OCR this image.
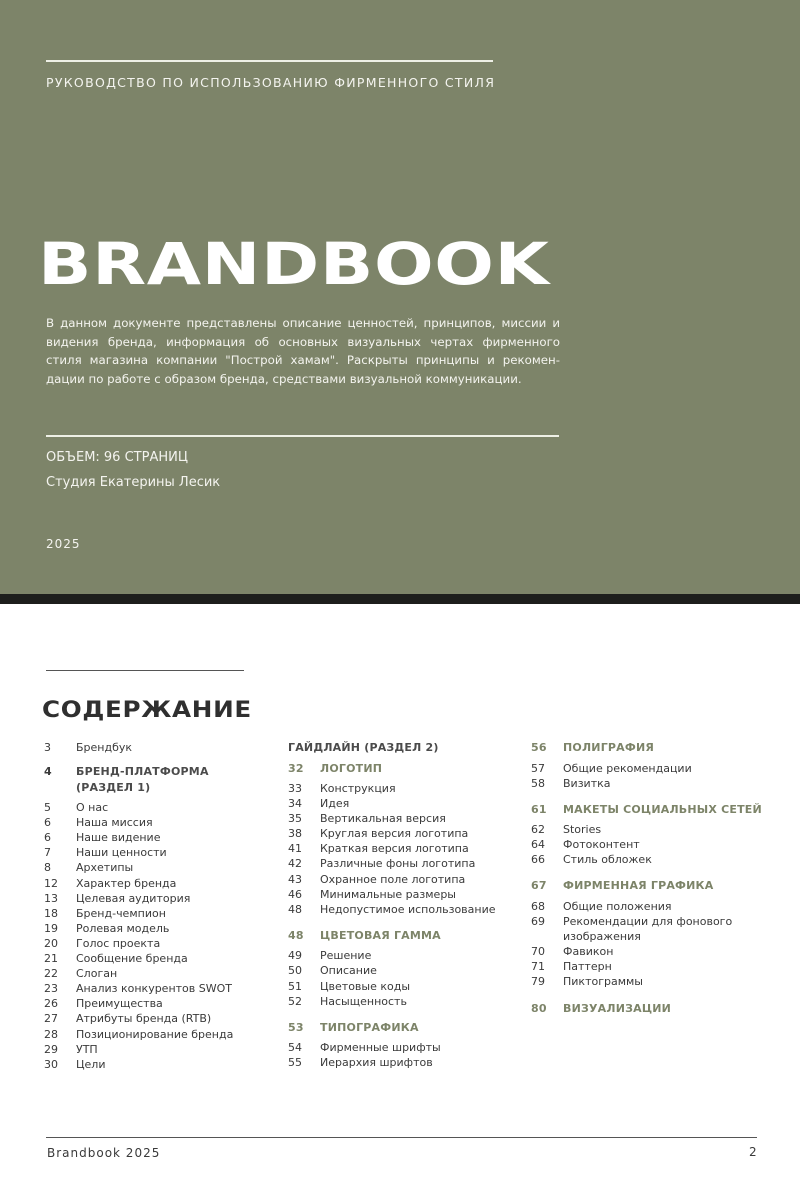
РУКОВОДСТВО ПО ИСПОЛЬЗОВАНИЮ ФИРМЕННОГО СТИЛЯ
BRANDBOOK
В данном документе представлены описание ценностей, принципов, миссии и видения бренда, информация об основных визуальных чертах фирменного стиля магазина компании "Построй хамам". Раскрыты принципы и рекомендации по работе с образом бренда, средствами визуальной коммуникации.
ОБЪЕМ: 96 СТРАНИЦ
Студия Екатерины Лесик
2025
СОДЕРЖАНИЕ
3	Брендбук
4	БРЕНД-ПЛАТФОРМА (РАЗДЕЛ 1)
5	О нас
6	Наша миссия
6	Наше видение
7	Наши ценности
8	Архетипы
12	Характер бренда
13	Целевая аудитория
18	Бренд-чемпион
19	Ролевая модель
20	Голос проекта
21	Сообщение бренда
22	Слоган
23	Анализ конкурентов SWOT
26	Преимущества
27	Атрибуты бренда (RTB)
28	Позиционирование бренда
29	УТП
30	Цели
ГАЙДЛАЙН (РАЗДЕЛ 2)
32	ЛОГОТИП
33	Конструкция
34	Идея
35	Вертикальная версия
38	Круглая версия логотипа
41	Краткая версия логотипа
42	Различные фоны логотипа
43	Охранное поле логотипа
46	Минимальные размеры
48	Недопустимое использование
48	ЦВЕТОВАЯ ГАММА
49	Решение
50	Описание
51	Цветовые коды
52	Насыщенность
53	ТИПОГРАФИКА
54	Фирменные шрифты
55	Иерархия шрифтов
56	ПОЛИГРАФИЯ
57	Общие рекомендации
58	Визитка
61	МАКЕТЫ СОЦИАЛЬНЫХ СЕТЕЙ
62	Stories
64	Фотоконтент
66	Стиль обложек
67	ФИРМЕННАЯ ГРАФИКА
68	Общие положения
69	Рекомендации для фонового изображения
70	Фавикон
71	Паттерн
79	Пиктограммы
80	ВИЗУАЛИЗАЦИИ
Brandbook 2025	2
